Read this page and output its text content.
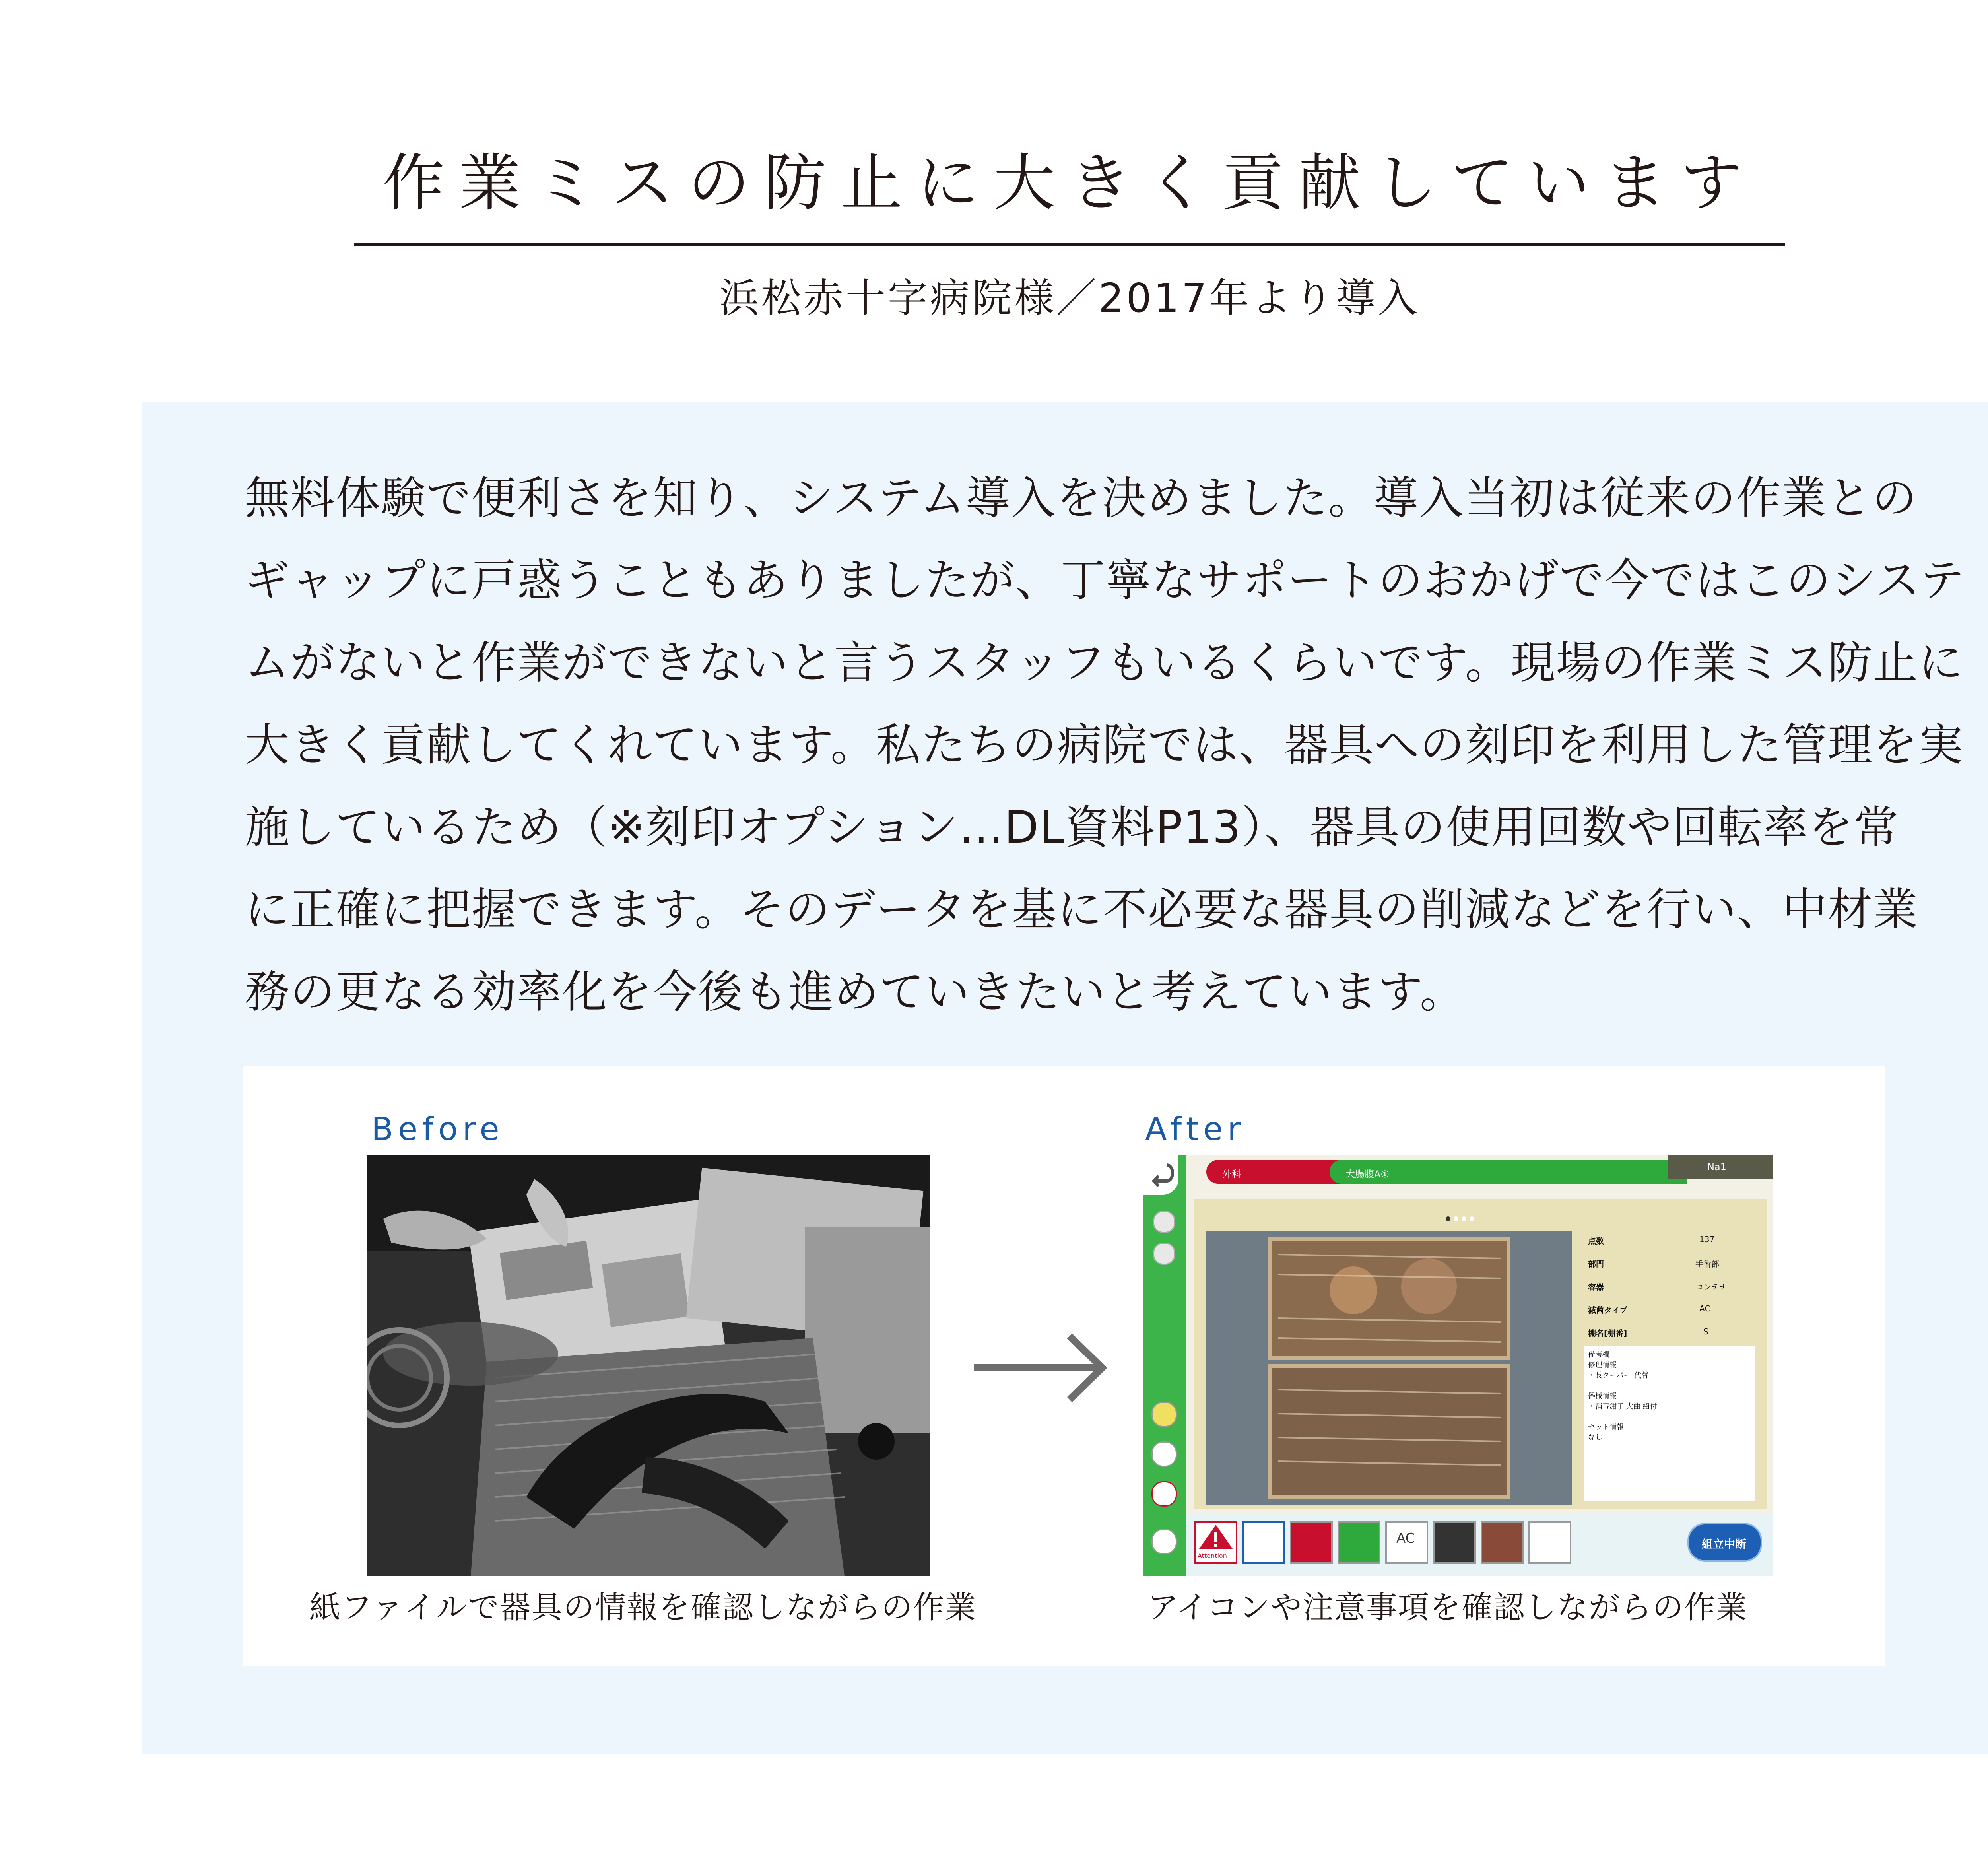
作業ミスの防止に大きく貢献しています
浜松赤十字病院様／2017年より導入
無料体験で便利さを知り、システム導入を決めました。導入当初は従来の作業との
ギャップに戸惑うこともありましたが、丁寧なサポートのおかげで今ではこのシステ
ムがないと作業ができないと言うスタッフもいるくらいです。現場の作業ミス防止に
大きく貢献してくれています。私たちの病院では、器具への刻印を利用した管理を実
施しているため（※刻印オプション…DL資料P13）、器具の使用回数や回転率を常
に正確に把握できます。そのデータを基に不必要な器具の削減などを行い、中材業
務の更なる効率化を今後も進めていきたいと考えています。
Before
紙ファイルで器具の情報を確認しながらの作業
After
外科	大腸腹A①
Na1
点数	137
部門	手術部
容器	コンテナ
滅菌タイプ	AC
棚名[棚番]	S
備考欄
修理情報
・長クーパー_代替_
器械情報
・消毒鉗子 大曲 紹付
セット情報
なし
Attention
AC	組立中断
アイコンや注意事項を確認しながらの作業
